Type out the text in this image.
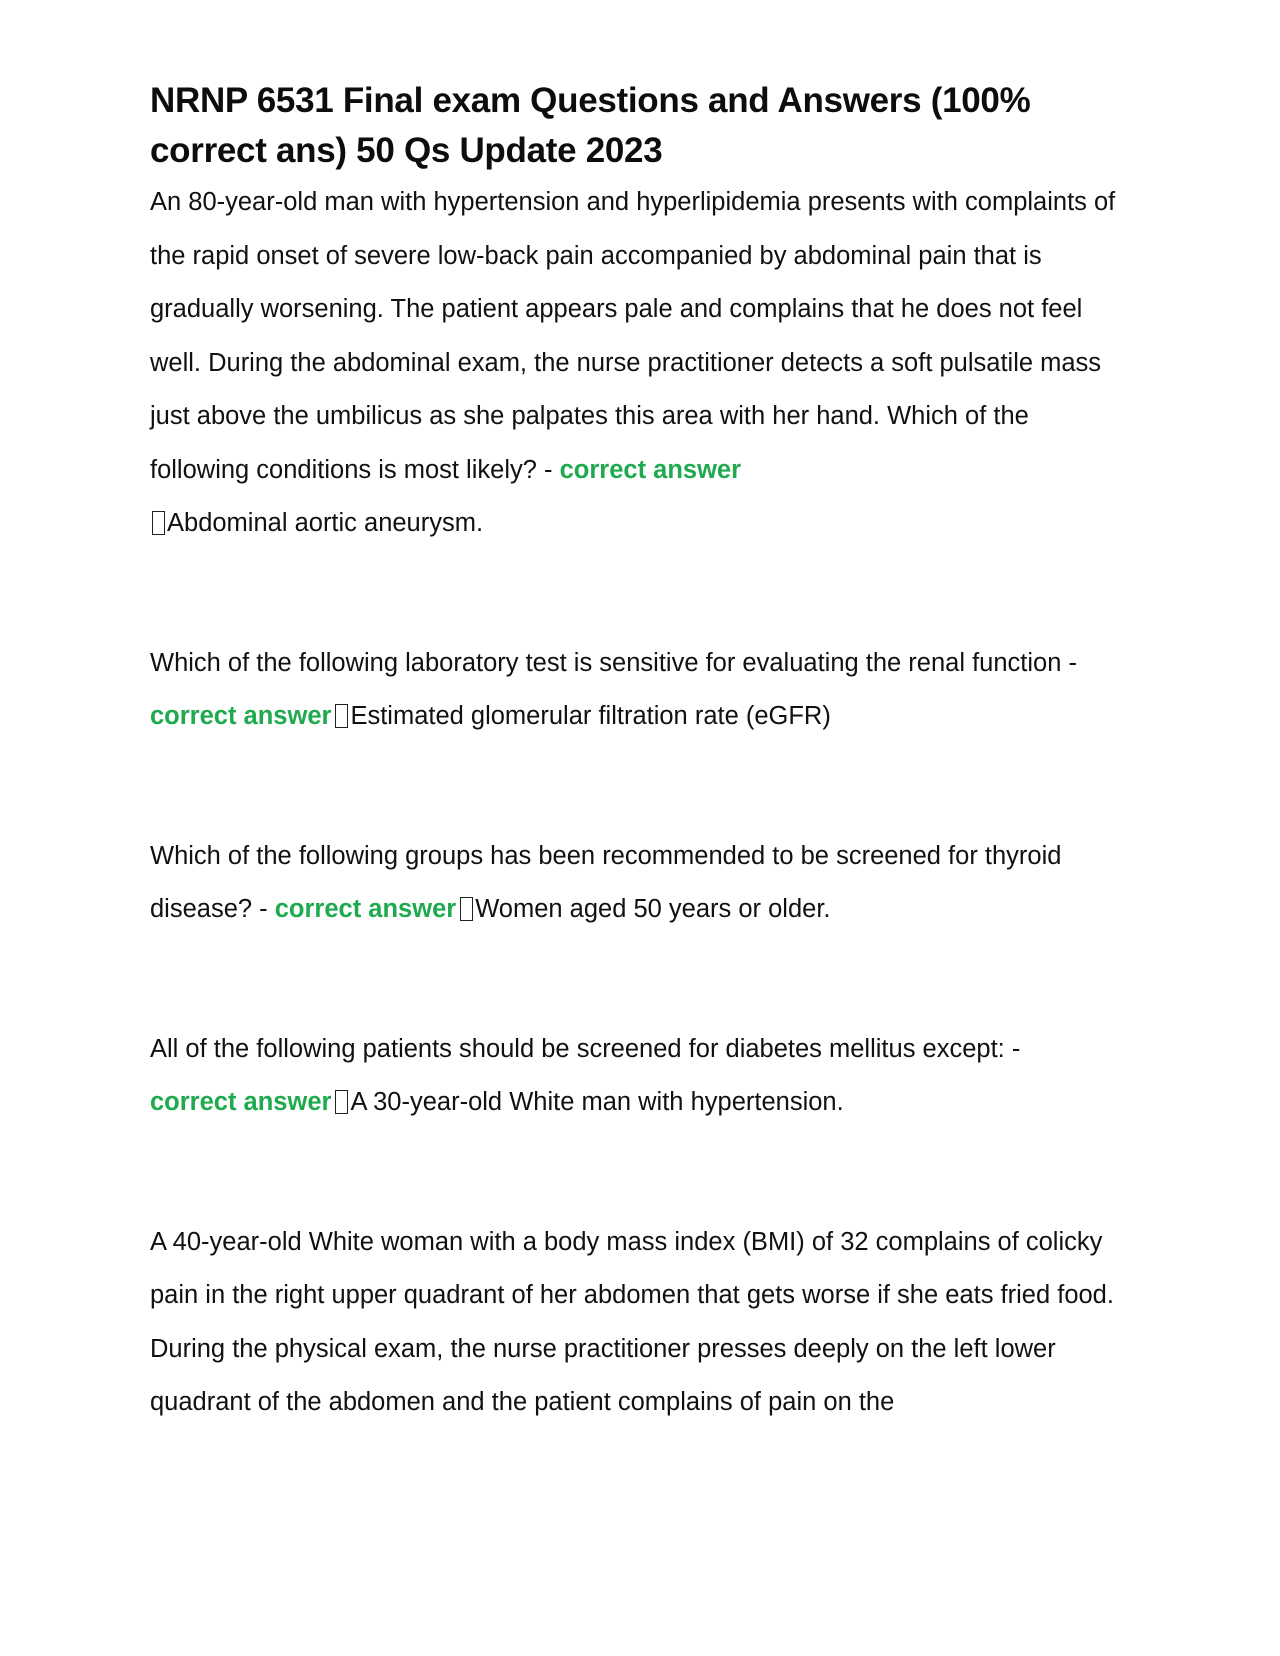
NRNP 6531 Final exam Questions and Answers (100% correct ans) 50 Qs Update 2023

An 80-year-old man with hypertension and hyperlipidemia presents with complaints of the rapid onset of severe low-back pain accompanied by abdominal pain that is gradually worsening. The patient appears pale and complains that he does not feel well. During the abdominal exam, the nurse practitioner detects a soft pulsatile mass just above the umbilicus as she palpates this area with her hand. Which of the following conditions is most likely? - correct answer
Abdominal aortic aneurysm.

Which of the following laboratory test is sensitive for evaluating the renal function - correct answer Estimated glomerular filtration rate (eGFR)

Which of the following groups has been recommended to be screened for thyroid disease? - correct answer Women aged 50 years or older.

All of the following patients should be screened for diabetes mellitus except: -
correct answer A 30-year-old White man with hypertension.

A 40-year-old White woman with a body mass index (BMI) of 32 complains of colicky pain in the right upper quadrant of her abdomen that gets worse if she eats fried food. During the physical exam, the nurse practitioner presses deeply on the left lower quadrant of the abdomen and the patient complains of pain on the
